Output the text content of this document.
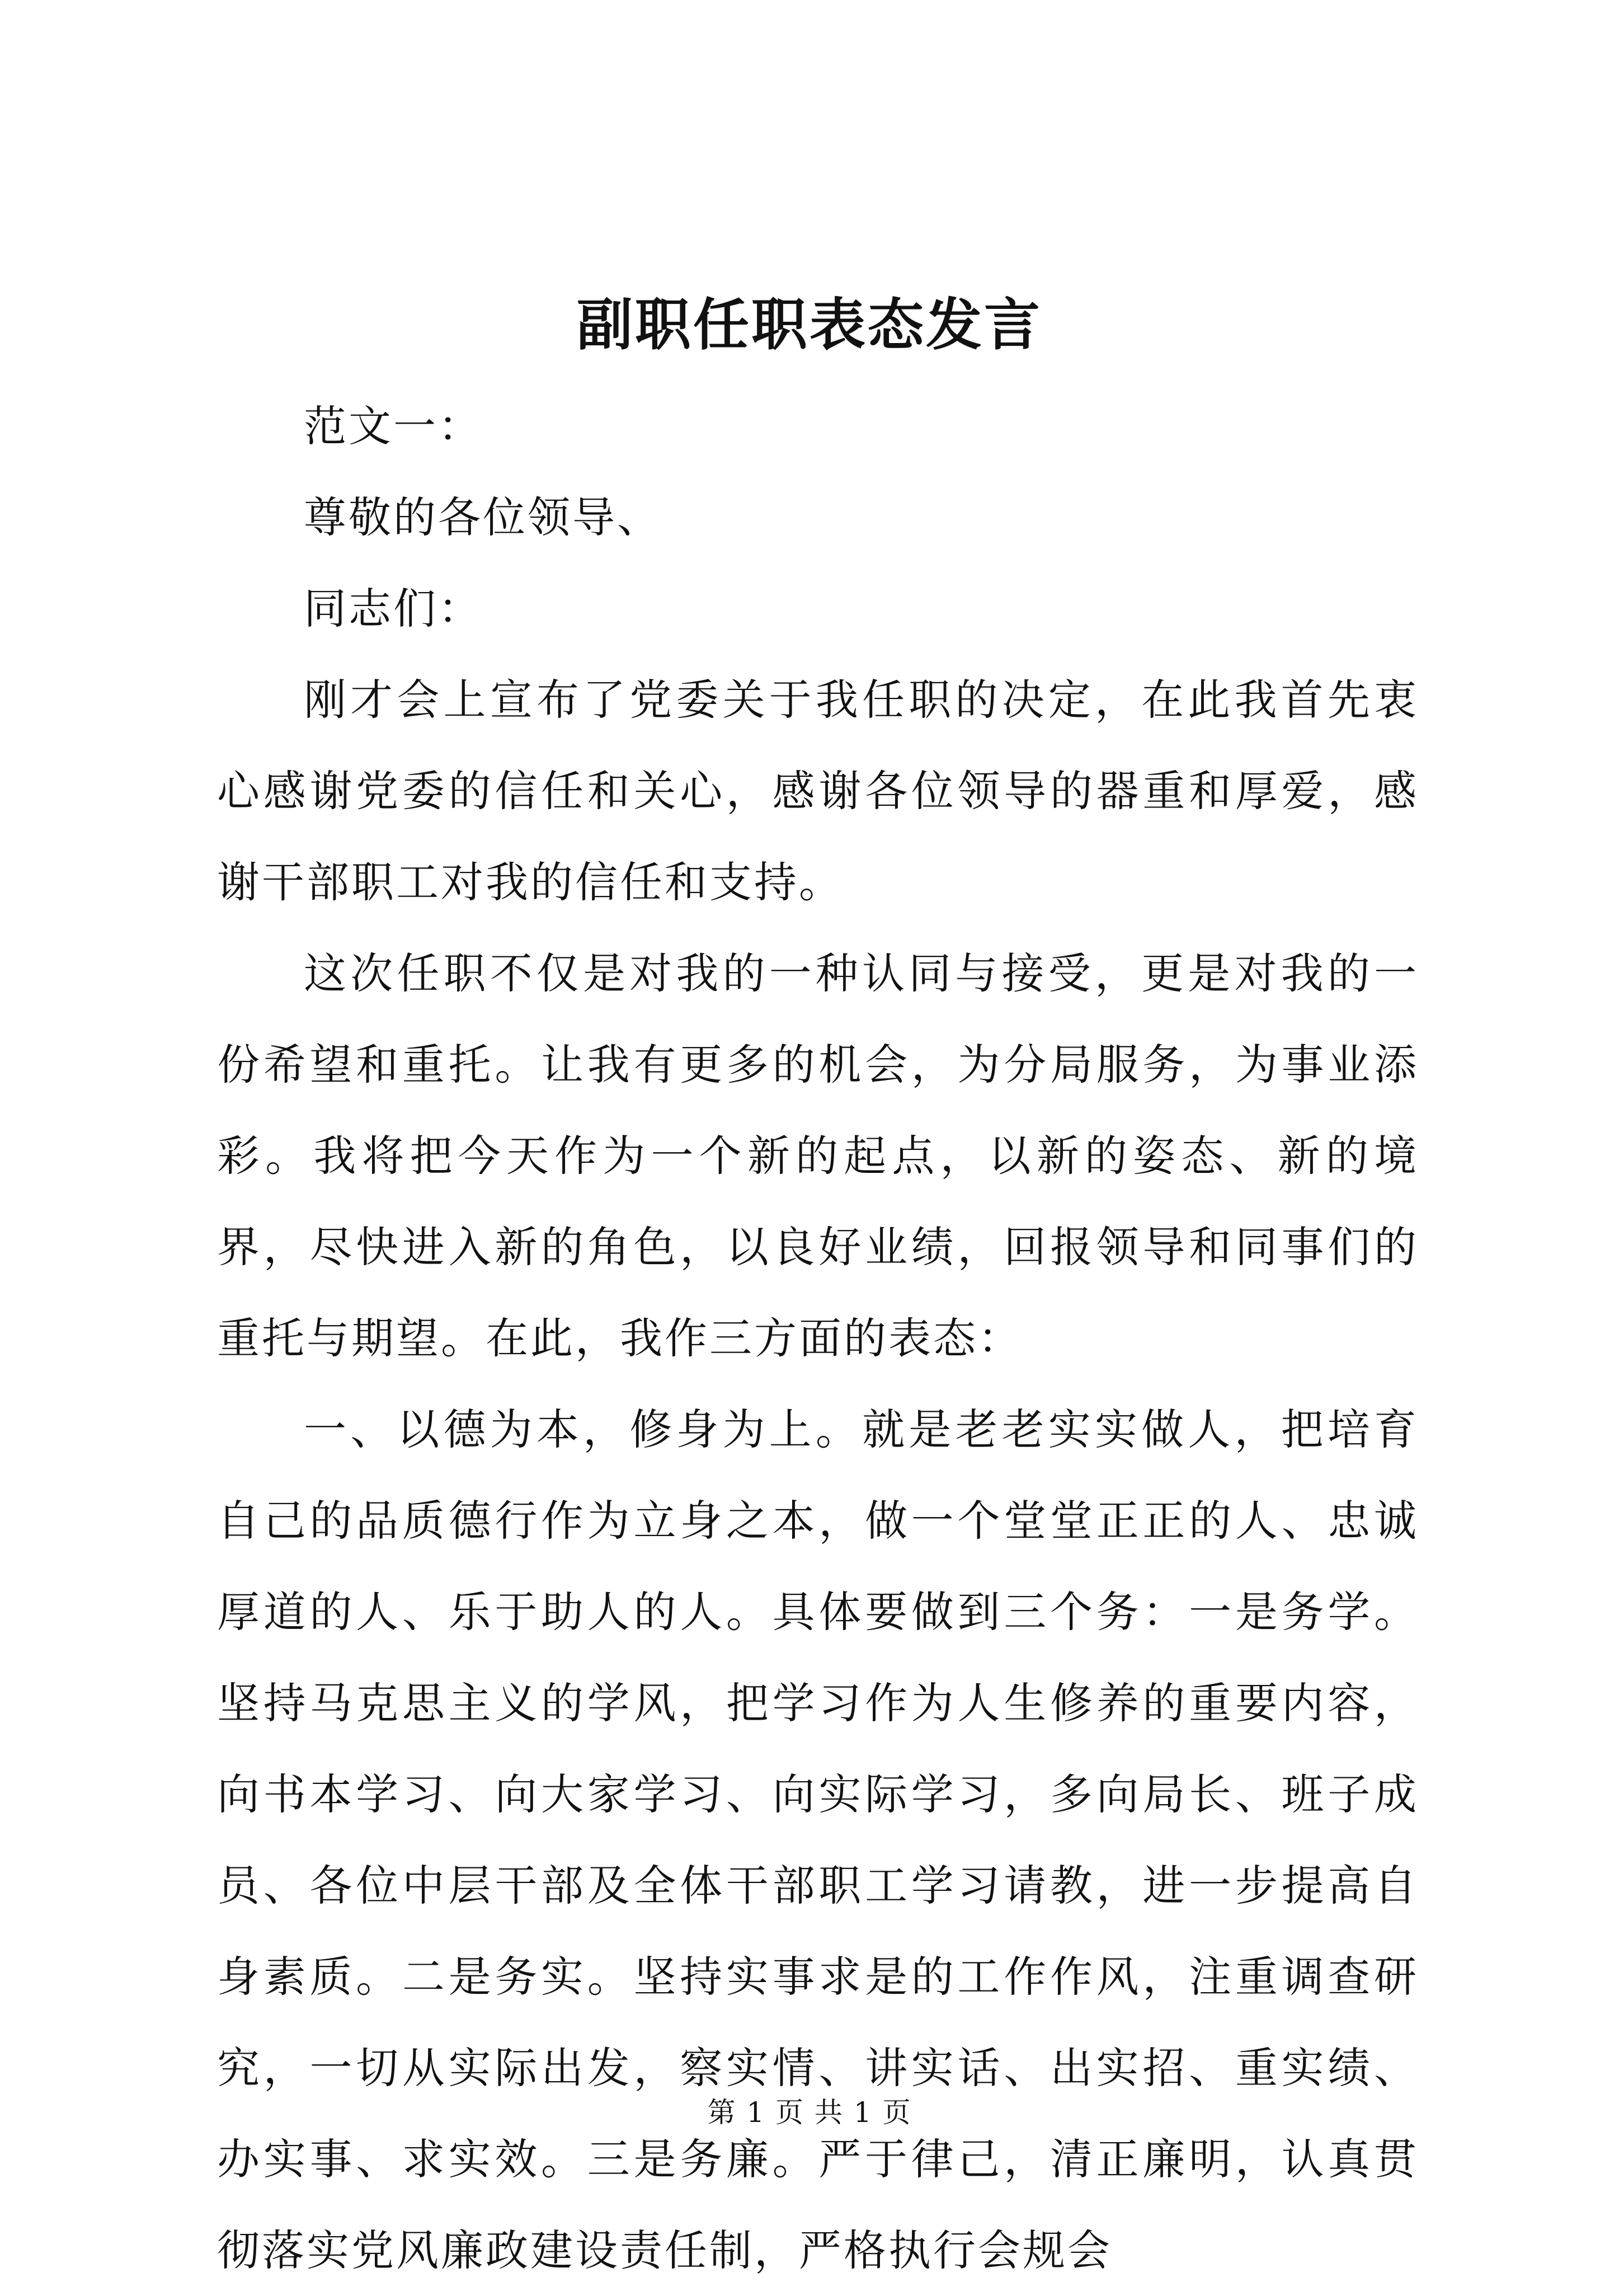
副职任职表态发言

范文一：

尊敬的各位领导、

同志们：

刚才会上宣布了党委关于我任职的决定，在此我首先衷心感谢党委的信任和关心，感谢各位领导的器重和厚爱，感谢干部职工对我的信任和支持。

这次任职不仅是对我的一种认同与接受，更是对我的一份希望和重托。让我有更多的机会，为分局服务，为事业添彩。我将把今天作为一个新的起点，以新的姿态、新的境界，尽快进入新的角色，以良好业绩，回报领导和同事们的重托与期望。在此，我作三方面的表态：

一、以德为本，修身为上。就是老老实实做人，把培育自己的品质德行作为立身之本，做一个堂堂正正的人、忠诚厚道的人、乐于助人的人。具体要做到三个务：一是务学。坚持马克思主义的学风，把学习作为人生修养的重要内容，向书本学习、向大家学习、向实际学习，多向局长、班子成员、各位中层干部及全体干部职工学习请教，进一步提高自身素质。二是务实。坚持实事求是的工作作风，注重调查研究，一切从实际出发，察实情、讲实话、出实招、重实绩、办实事、求实效。三是务廉。严于律己，清正廉明，认真贯彻落实党风廉政建设责任制，严格执行会规会

第 1 页 共 1 页
